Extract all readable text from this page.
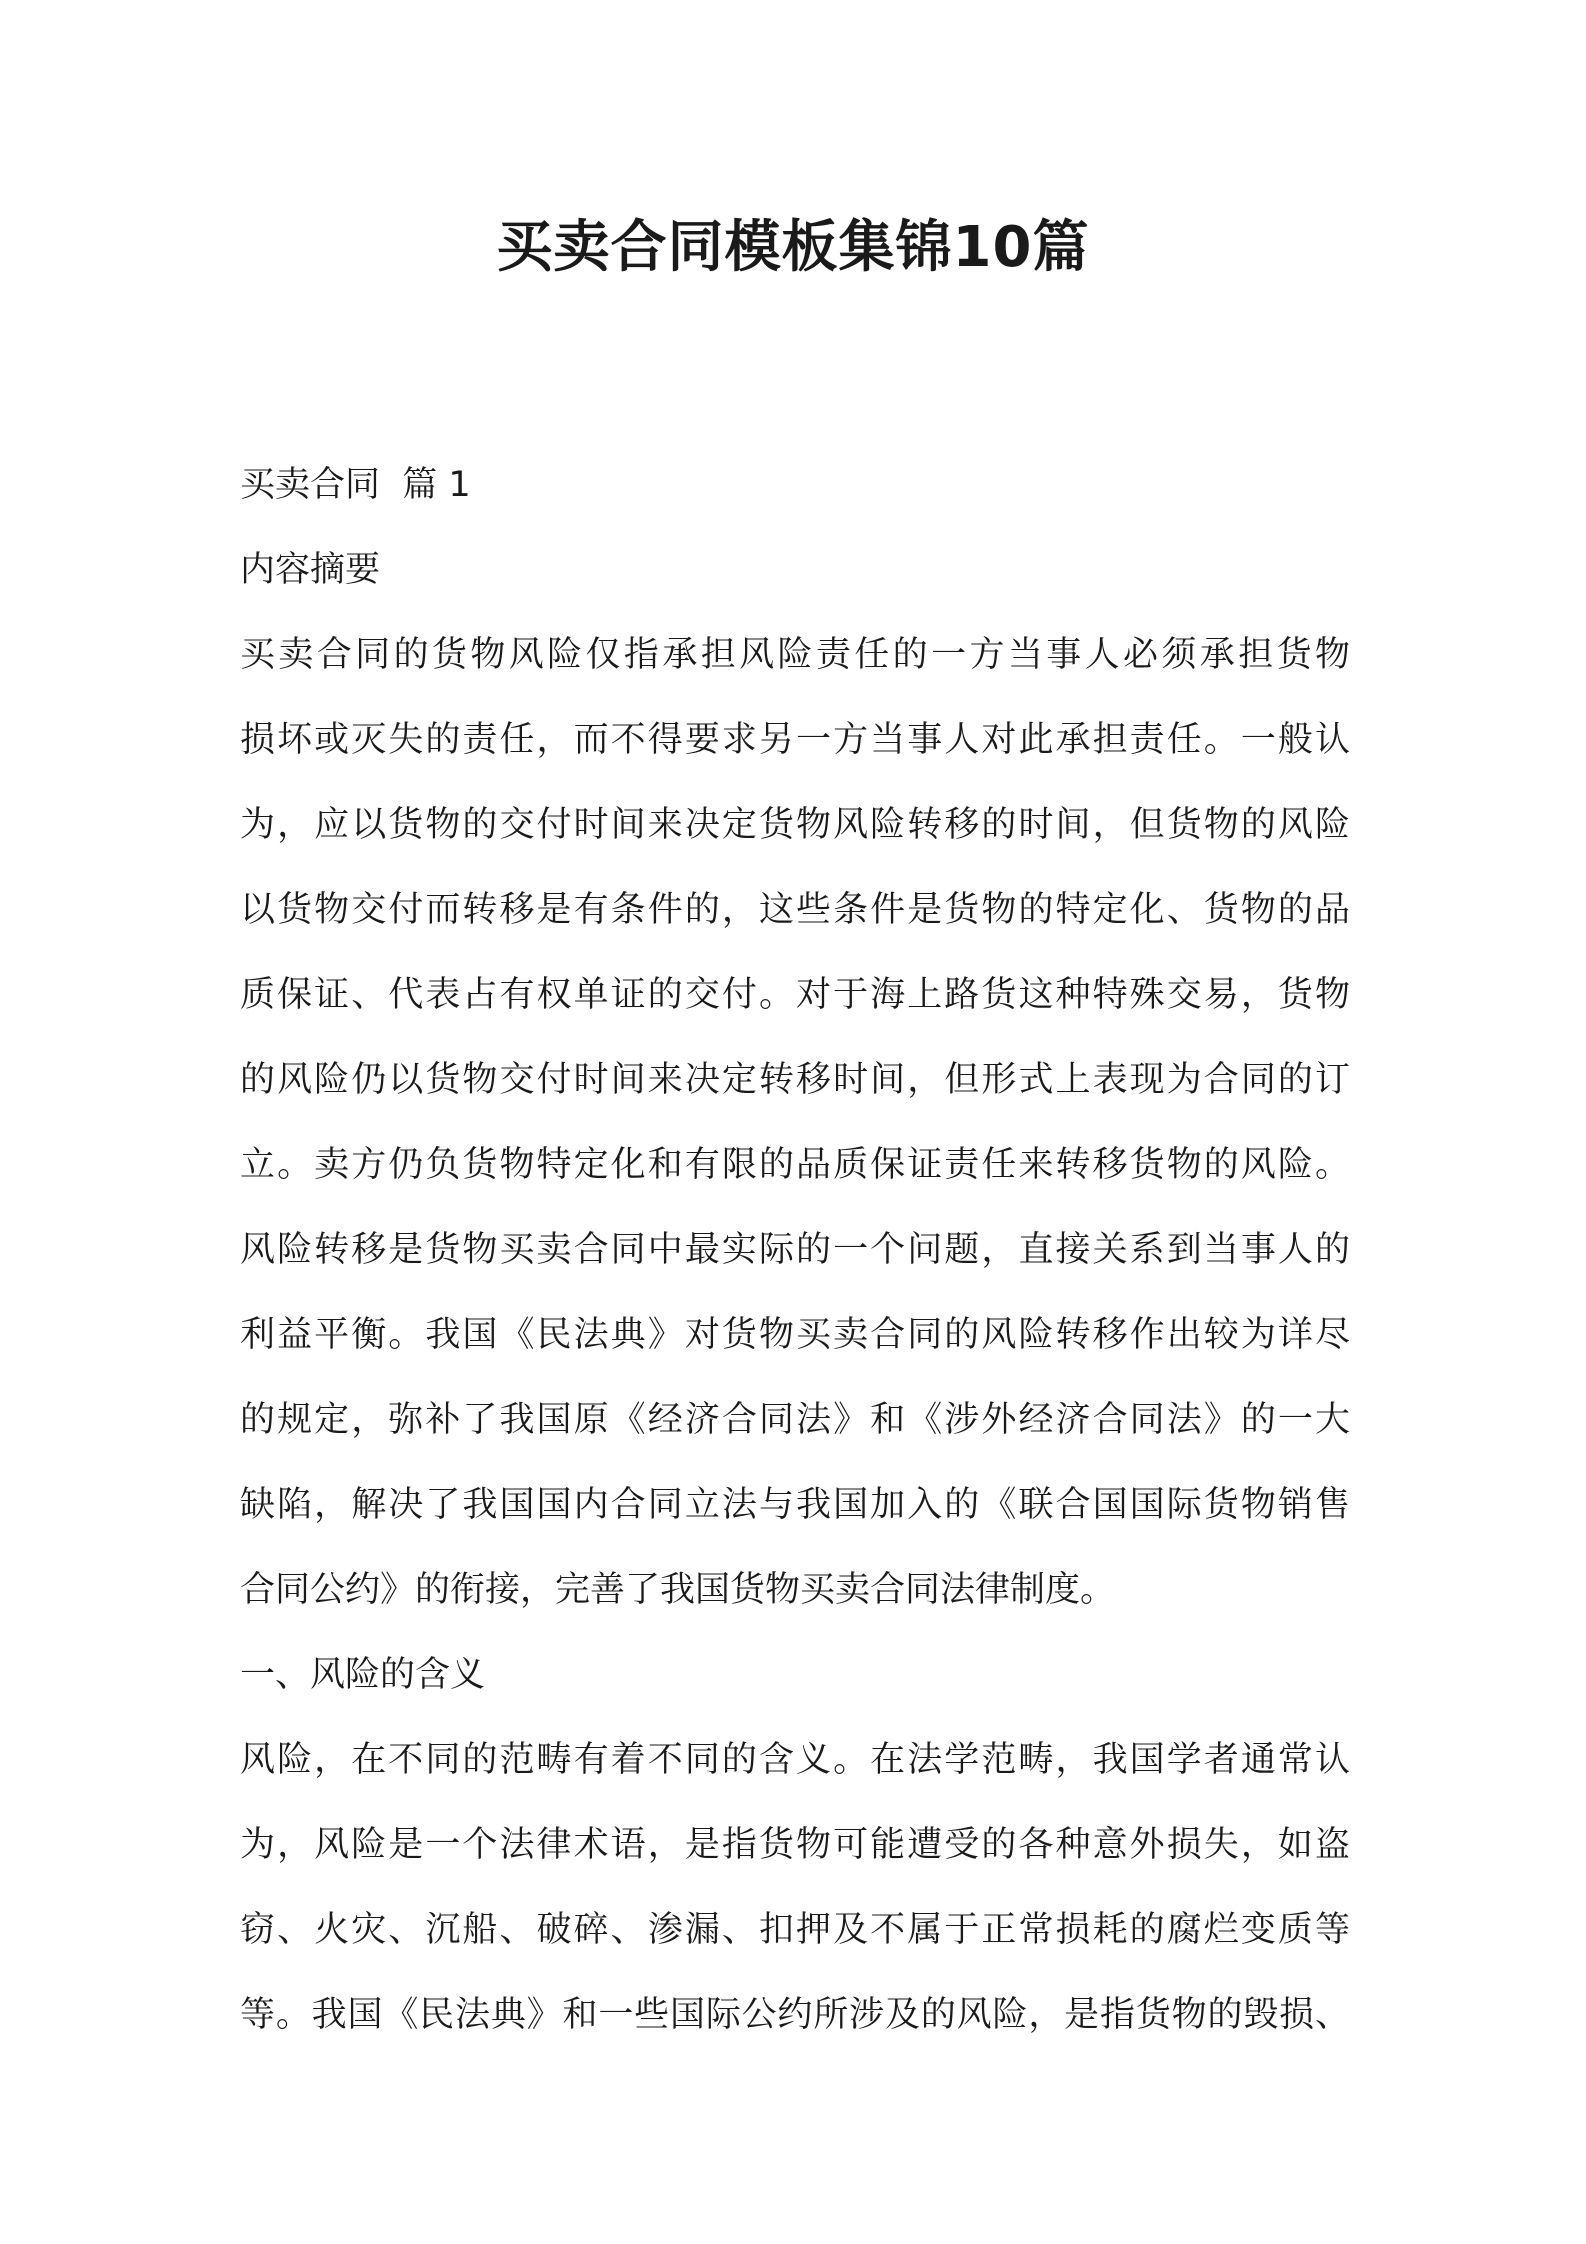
买卖合同模板集锦10篇
买卖合同  篇 1
内容摘要
买卖合同的货物风险仅指承担风险责任的一方当事人必须承担货物
损坏或灭失的责任，而不得要求另一方当事人对此承担责任。一般认
为，应以货物的交付时间来决定货物风险转移的时间，但货物的风险
以货物交付而转移是有条件的，这些条件是货物的特定化、货物的品
质保证、代表占有权单证的交付。对于海上路货这种特殊交易，货物
的风险仍以货物交付时间来决定转移时间，但形式上表现为合同的订
立。卖方仍负货物特定化和有限的品质保证责任来转移货物的风险。
风险转移是货物买卖合同中最实际的一个问题，直接关系到当事人的
利益平衡。我国《民法典》对货物买卖合同的风险转移作出较为详尽
的规定，弥补了我国原《经济合同法》和《涉外经济合同法》的一大
缺陷，解决了我国国内合同立法与我国加入的《联合国国际货物销售
合同公约》的衔接，完善了我国货物买卖合同法律制度。
一、风险的含义
风险，在不同的范畴有着不同的含义。在法学范畴，我国学者通常认
为，风险是一个法律术语，是指货物可能遭受的各种意外损失，如盗
窃、火灾、沉船、破碎、渗漏、扣押及不属于正常损耗的腐烂变质等
等。我国《民法典》和一些国际公约所涉及的风险，是指货物的毁损、
